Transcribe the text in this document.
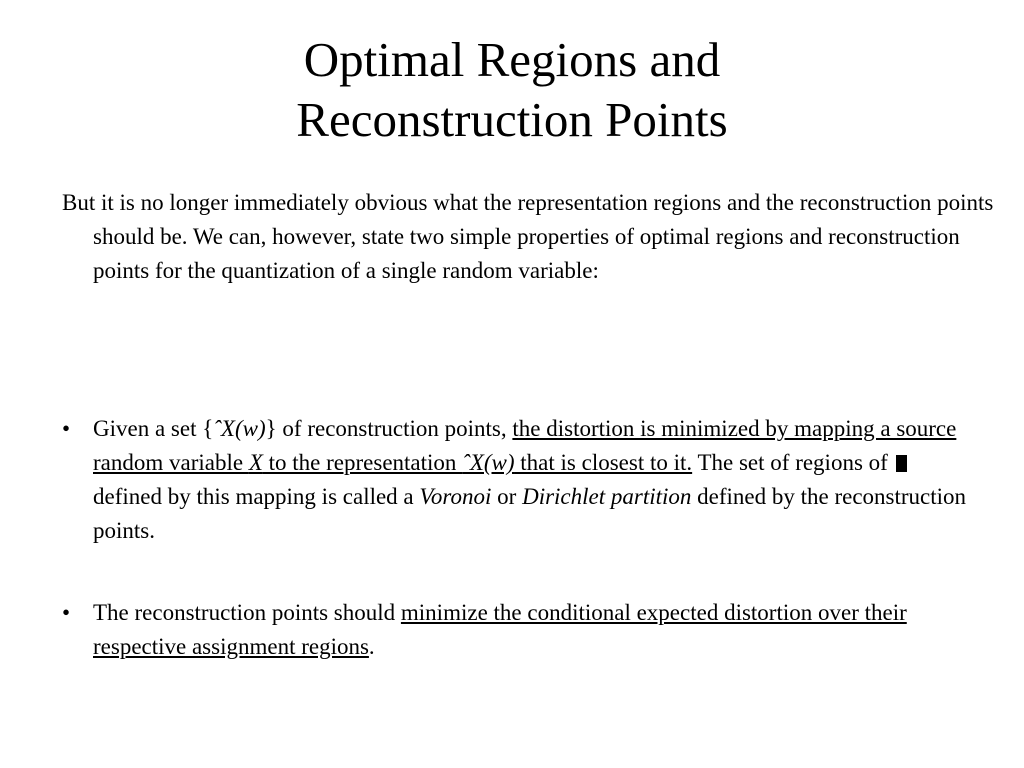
Optimal Regions and
Reconstruction Points
But it is no longer immediately obvious what the representation regions and the reconstruction points should be. We can, however, state two simple properties of optimal regions and reconstruction points for the quantization of a single random variable:
• Given a set {ˆX(w)} of reconstruction points, the distortion is minimized by mapping a source random variable X to the representation ˆX(w) that is closest to it. The set of regions of  defined by this mapping is called a Voronoi or Dirichlet partition defined by the reconstruction points.
• The reconstruction points should minimize the conditional expected distortion over their respective assignment regions.
